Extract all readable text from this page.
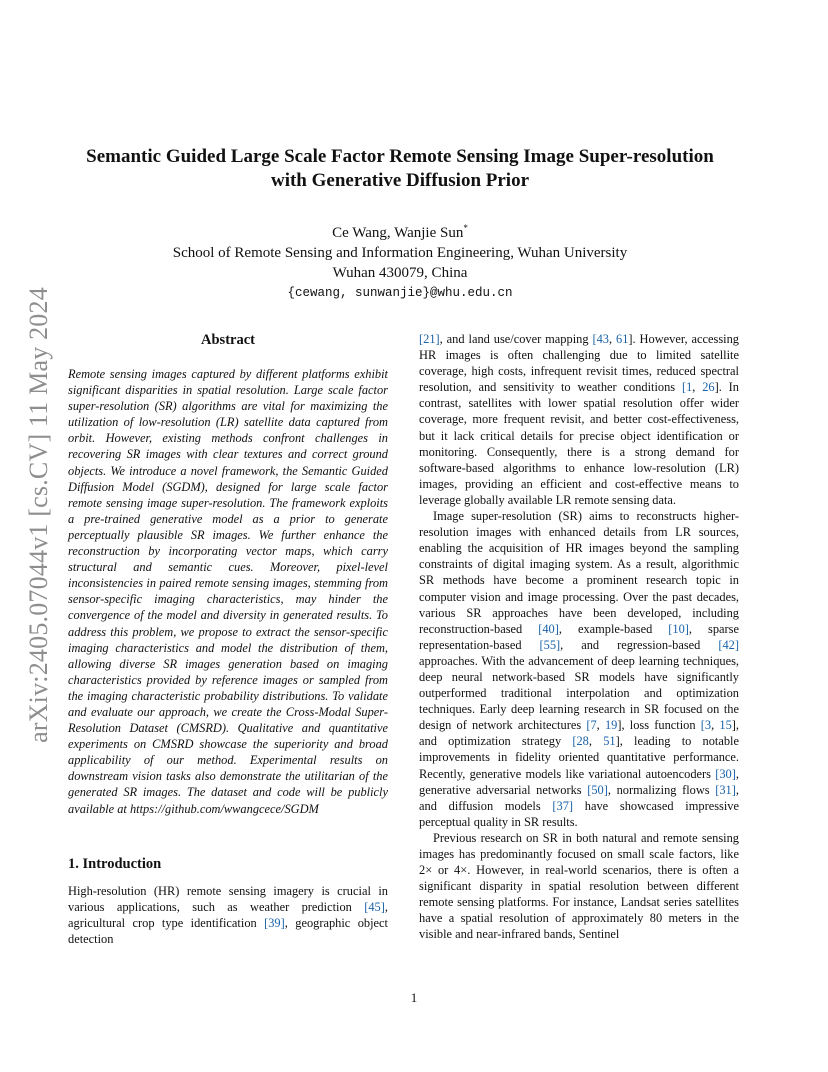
arXiv:2405.07044v1 [cs.CV] 11 May 2024
Semantic Guided Large Scale Factor Remote Sensing Image Super-resolution
with Generative Diffusion Prior
Ce Wang, Wanjie Sun*
School of Remote Sensing and Information Engineering, Wuhan University
Wuhan 430079, China
{cewang, sunwanjie}@whu.edu.cn
Abstract

Remote sensing images captured by different platforms exhibit significant disparities in spatial resolution. Large scale factor super-resolution (SR) algorithms are vital for maximizing the utilization of low-resolution (LR) satellite data captured from orbit. However, existing methods confront challenges in recovering SR images with clear textures and correct ground objects. We introduce a novel framework, the Semantic Guided Diffusion Model (SGDM), designed for large scale factor remote sensing image super-resolution. The framework exploits a pre-trained generative model as a prior to generate perceptually plausible SR images. We further enhance the reconstruction by incorporating vector maps, which carry structural and semantic cues. Moreover, pixel-level inconsistencies in paired remote sensing images, stemming from sensor-specific imaging characteristics, may hinder the convergence of the model and diversity in generated results. To address this problem, we propose to extract the sensor-specific imaging characteristics and model the distribution of them, allowing diverse SR images generation based on imaging characteristics provided by reference images or sampled from the imaging characteristic probability distributions. To validate and evaluate our approach, we create the Cross-Modal Super-Resolution Dataset (CMSRD). Qualitative and quantitative experiments on CMSRD showcase the superiority and broad applicability of our method. Experimental results on downstream vision tasks also demonstrate the utilitarian of the generated SR images. The dataset and code will be publicly available at https://github.com/wwangcece/SGDM

1. Introduction

High-resolution (HR) remote sensing imagery is crucial in various applications, such as weather prediction [45], agricultural crop type identification [39], geographic object detection

[21], and land use/cover mapping [43, 61]. However, accessing HR images is often challenging due to limited satellite coverage, high costs, infrequent revisit times, reduced spectral resolution, and sensitivity to weather conditions [1, 26]. In contrast, satellites with lower spatial resolution offer wider coverage, more frequent revisit, and better cost-effectiveness, but it lack critical details for precise object identification or monitoring. Consequently, there is a strong demand for software-based algorithms to enhance low-resolution (LR) images, providing an efficient and cost-effective means to leverage globally available LR remote sensing data.

Image super-resolution (SR) aims to reconstructs higher-resolution images with enhanced details from LR sources, enabling the acquisition of HR images beyond the sampling constraints of digital imaging system. As a result, algorithmic SR methods have become a prominent research topic in computer vision and image processing. Over the past decades, various SR approaches have been developed, including reconstruction-based [40], example-based [10], sparse representation-based [55], and regression-based [42] approaches. With the advancement of deep learning techniques, deep neural network-based SR models have significantly outperformed traditional interpolation and optimization techniques. Early deep learning research in SR focused on the design of network architectures [7, 19], loss function [3, 15], and optimization strategy [28, 51], leading to notable improvements in fidelity oriented quantitative performance. Recently, generative models like variational autoencoders [30], generative adversarial networks [50], normalizing flows [31], and diffusion models [37] have showcased impressive perceptual quality in SR results.

Previous research on SR in both natural and remote sensing images has predominantly focused on small scale factors, like 2× or 4×. However, in real-world scenarios, there is often a significant disparity in spatial resolution between different remote sensing platforms. For instance, Landsat series satellites have a spatial resolution of approximately 80 meters in the visible and near-infrared bands, Sentinel

1
